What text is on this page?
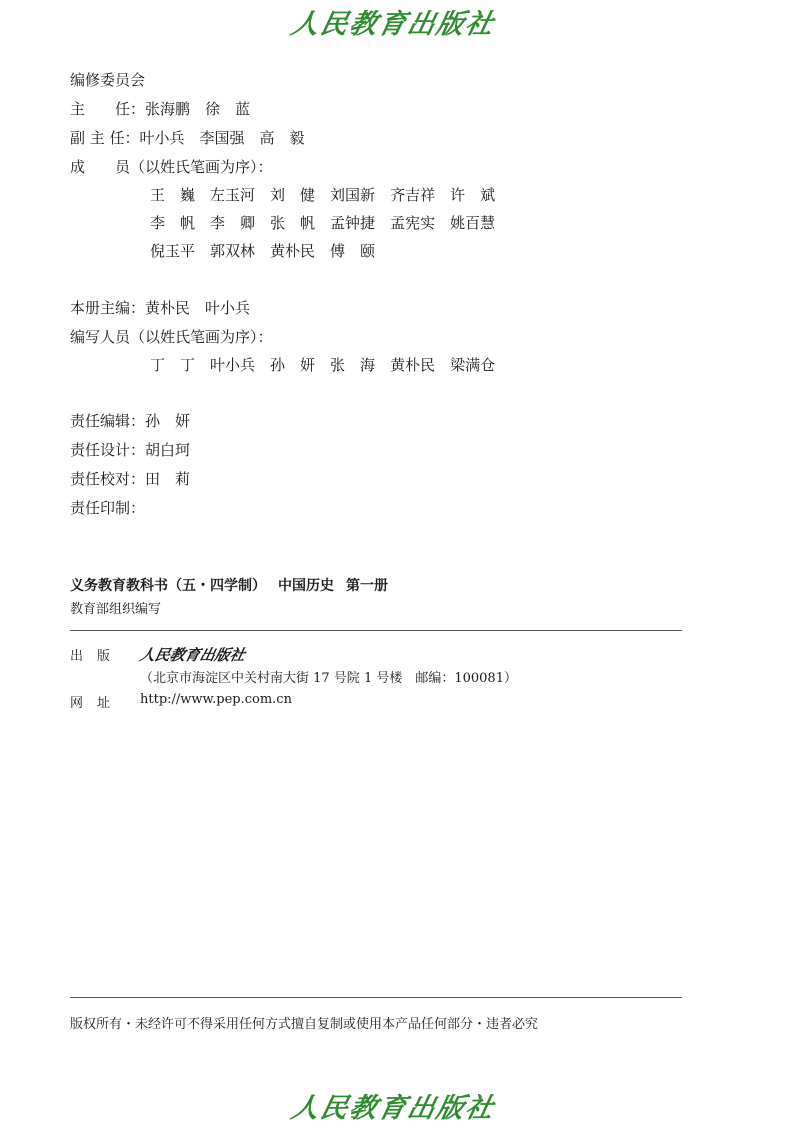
人民教育出版社
编修委员会
主　　任：张海鹏　徐　蓝
副 主 任：叶小兵　李国强　高　毅
成　　员（以姓氏笔画为序）：
王　巍 左玉河 刘　健 刘国新 齐吉祥 许　斌
李　帆 李　卿 张　帆 孟钟捷 孟宪实 姚百慧
倪玉平 郭双林 黄朴民 傅　颐
本册主编：黄朴民　叶小兵
编写人员（以姓氏笔画为序）：
丁　丁 叶小兵 孙　妍 张　海 黄朴民 梁满仓
责任编辑：孙　妍
责任设计：胡白珂
责任校对：田　莉
责任印制：
义务教育教科书（五・四学制） 中国历史 第一册
教育部组织编写
出版 人民教育出版社
（北京市海淀区中关村南大街 17 号院 1 号楼　邮编：100081）
网址 http://www.pep.com.cn
版权所有・未经许可不得采用任何方式擅自复制或使用本产品任何部分・违者必究
人民教育出版社
